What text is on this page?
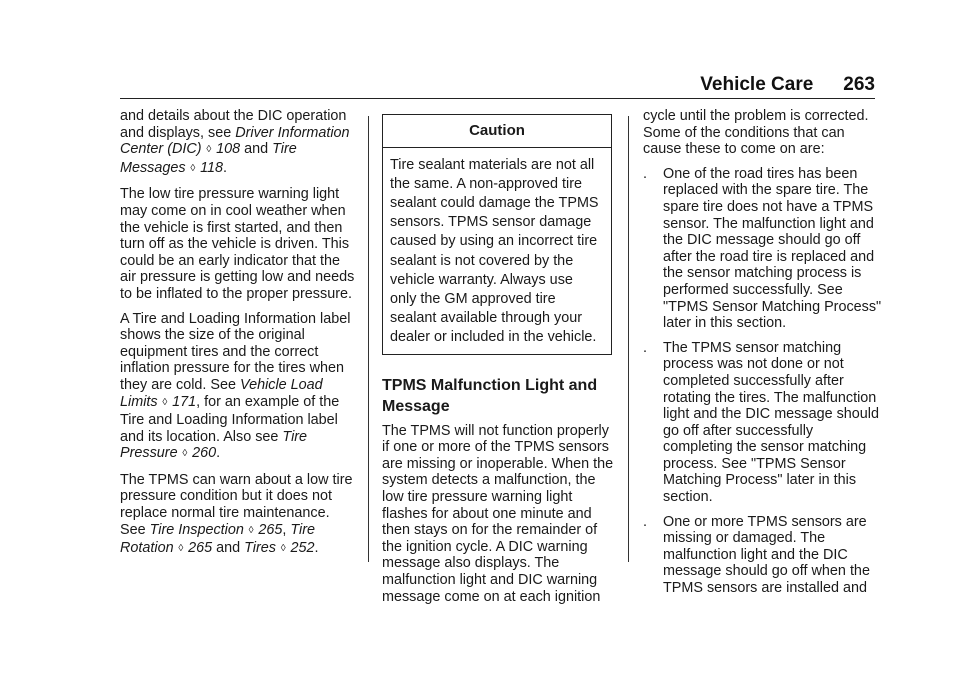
Vehicle Care 263

and details about the DIC operation and displays, see Driver Information Center (DIC) ◊ 108 and Tire Messages ◊ 118.

The low tire pressure warning light may come on in cool weather when the vehicle is first started, and then turn off as the vehicle is driven. This could be an early indicator that the air pressure is getting low and needs to be inflated to the proper pressure.

A Tire and Loading Information label shows the size of the original equipment tires and the correct inflation pressure for the tires when they are cold. See Vehicle Load Limits ◊ 171, for an example of the Tire and Loading Information label and its location. Also see Tire Pressure ◊ 260.

The TPMS can warn about a low tire pressure condition but it does not replace normal tire maintenance. See Tire Inspection ◊ 265, Tire Rotation ◊ 265 and Tires ◊ 252.

Caution
Tire sealant materials are not all the same. A non-approved tire sealant could damage the TPMS sensors. TPMS sensor damage caused by using an incorrect tire sealant is not covered by the vehicle warranty. Always use only the GM approved tire sealant available through your dealer or included in the vehicle.
TPMS Malfunction Light and Message

The TPMS will not function properly if one or more of the TPMS sensors are missing or inoperable. When the system detects a malfunction, the low tire pressure warning light flashes for about one minute and then stays on for the remainder of the ignition cycle. A DIC warning message also displays. The malfunction light and DIC warning message come on at each ignition

cycle until the problem is corrected. Some of the conditions that can cause these to come on are:

.	One of the road tires has been replaced with the spare tire. The spare tire does not have a TPMS sensor. The malfunction light and the DIC message should go off after the road tire is replaced and the sensor matching process is performed successfully. See "TPMS Sensor Matching Process" later in this section.
.	The TPMS sensor matching process was not done or not completed successfully after rotating the tires. The malfunction light and the DIC message should go off after successfully completing the sensor matching process. See "TPMS Sensor Matching Process" later in this section.
.	One or more TPMS sensors are missing or damaged. The malfunction light and the DIC message should go off when the TPMS sensors are installed and
